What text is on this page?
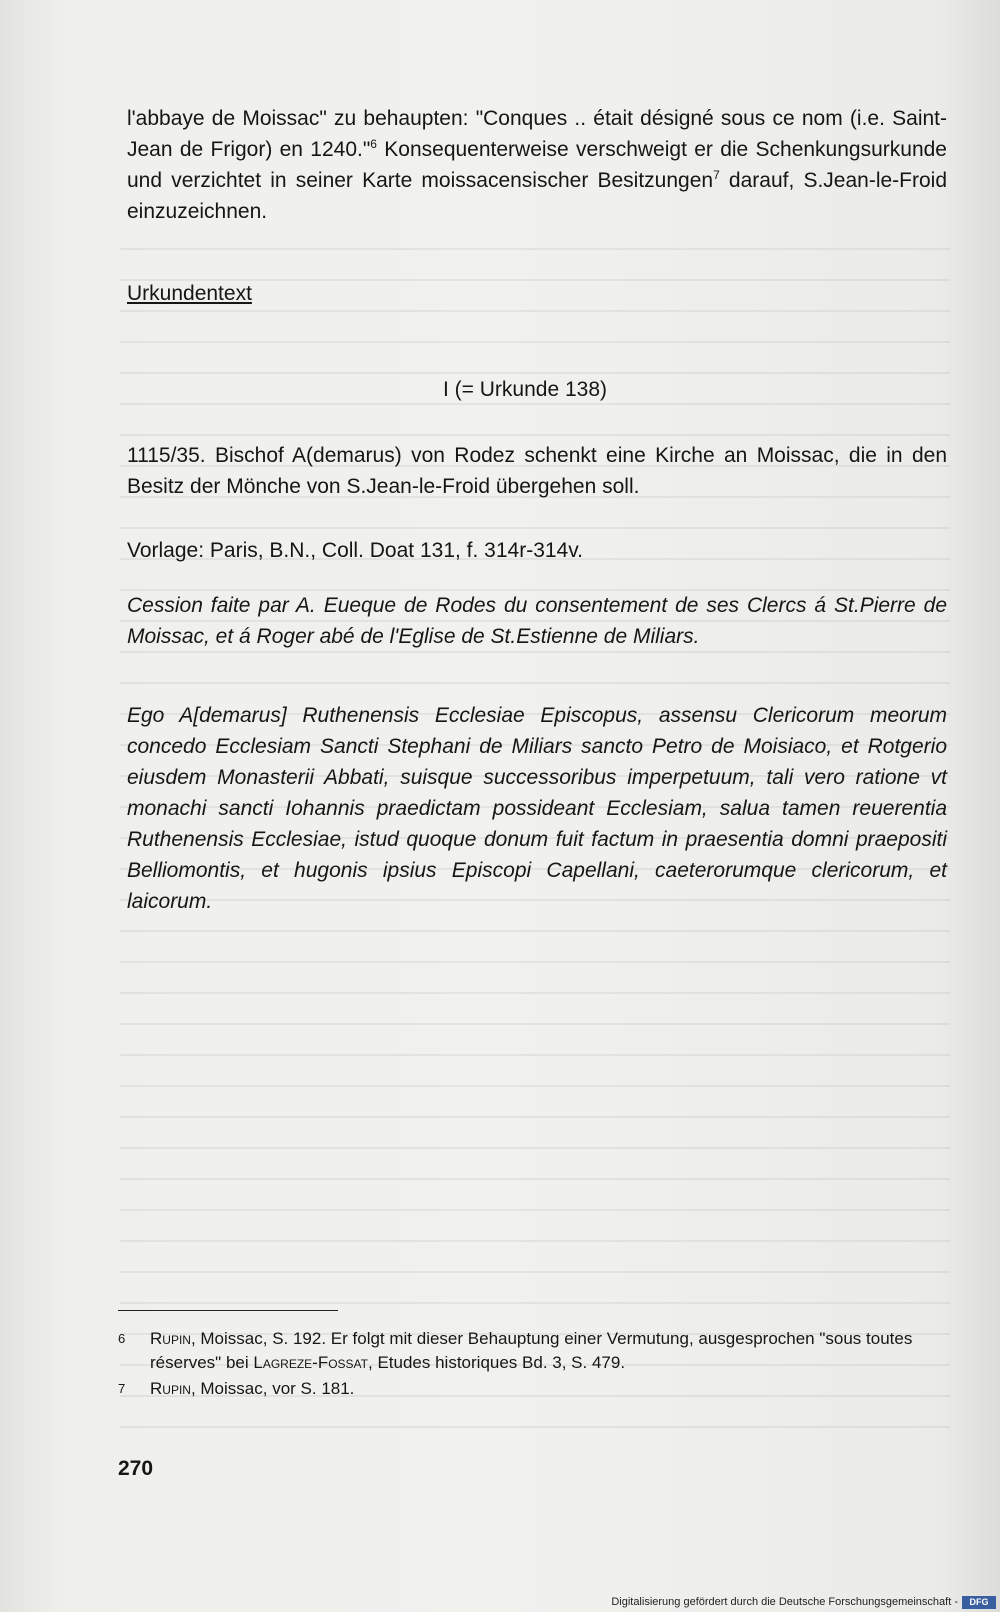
l'abbaye de Moissac" zu behaupten: "Conques .. était désigné sous ce nom (i.e. Saint-Jean de Frigor) en 1240."$^6$ Konsequenterweise verschweigt er die Schenkungsurkunde und verzichtet in seiner Karte moissacensischer Besitzungen$^7$ darauf, S.Jean-le-Froid einzuzeichnen.

Urkundentext
I (= Urkunde 138)

1115/35. Bischof A(demarus) von Rodez schenkt eine Kirche an Moissac, die in den Besitz der Mönche von S.Jean-le-Froid übergehen soll.

Vorlage: Paris, B.N., Coll. Doat 131, f. 314r-314v.

Cession faite par A. Eueque de Rodes du consentement de ses Clercs á St.Pierre de Moissac, et á Roger abé de l'Eglise de St.Estienne de Miliars.

Ego A[demarus] Ruthenensis Ecclesiae Episcopus, assensu Clericorum meorum concedo Ecclesiam Sancti Stephani de Miliars sancto Petro de Moisiaco, et Rotgerio eiusdem Monasterii Abbati, suisque successoribus imperpetuum, tali vero ratione vt monachi sancti Iohannis praedictam possideant Ecclesiam, salua tamen reuerentia Ruthenensis Ecclesiae, istud quoque donum fuit factum in praesentia domni praepositi Belliomontis, et hugonis ipsius Episcopi Capellani, caeterorumque clericorum, et laicorum.

6 Rupin, Moissac, S. 192. Er folgt mit dieser Behauptung einer Vermutung, ausgesprochen "sous toutes réserves" bei Lagreze-Fossat, Etudes historiques Bd. 3, S. 479.

7 Rupin, Moissac, vor S. 181.

270

Digitalisierung gefördert durch die Deutsche Forschungsgemeinschaft -	DFG
